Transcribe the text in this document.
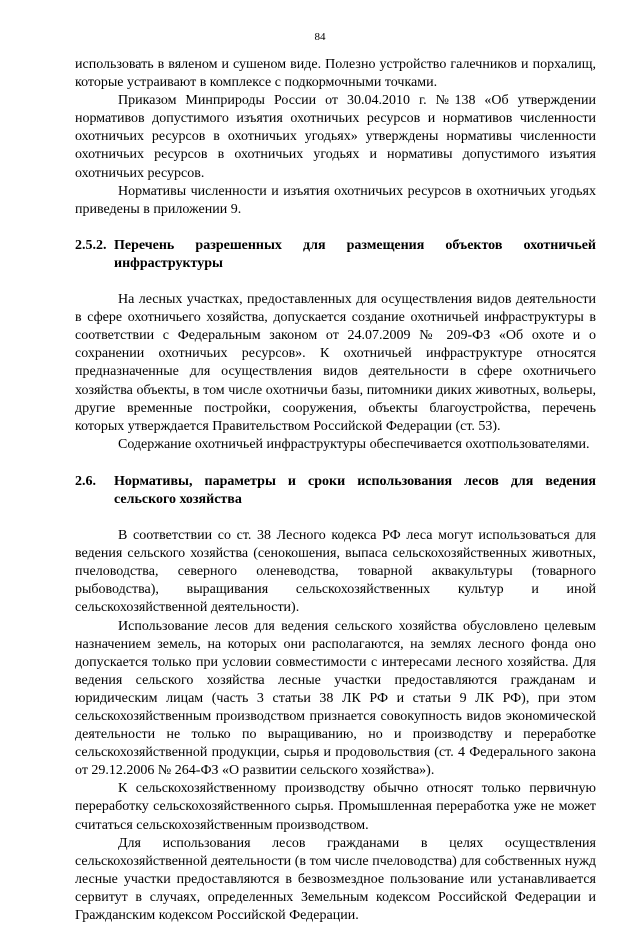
84

использовать в вяленом и сушеном виде. Полезно устройство галечников и порхалищ, которые устраивают в комплексе с подкормочными точками.

Приказом Минприроды России от 30.04.2010 г. №138 «Об утверждении нормативов допустимого изъятия охотничьих ресурсов и нормативов численности охотничьих ресурсов в охотничьих угодьях» утверждены нормативы численности охотничьих ресурсов в охотничьих угодьях и нормативы допустимого изъятия охотничьих ресурсов.

Нормативы численности и изъятия охотничьих ресурсов в охотничьих угодьях приведены в приложении 9.

2.5.2. Перечень разрешенных для размещения объектов охотничьей инфраструктуры

На лесных участках, предоставленных для осуществления видов деятельности в сфере охотничьего хозяйства, допускается создание охотничьей инфраструктуры в соответствии с Федеральным законом от 24.07.2009 № 209-ФЗ «Об охоте и о сохранении охотничьих ресурсов». К охотничьей инфраструктуре относятся предназначенные для осуществления видов деятельности в сфере охотничьего хозяйства объекты, в том числе охотничьи базы, питомники диких животных, вольеры, другие временные постройки, сооружения, объекты благоустройства, перечень которых утверждается Правительством Российской Федерации (ст. 53).

Содержание охотничьей инфраструктуры обеспечивается охотпользователями.

2.6. Нормативы, параметры и сроки использования лесов для ведения сельского хозяйства

В соответствии со ст. 38 Лесного кодекса РФ леса могут использоваться для ведения сельского хозяйства (сенокошения, выпаса сельскохозяйственных животных, пчеловодства, северного оленеводства, товарной аквакультуры (товарного рыбоводства), выращивания сельскохозяйственных культур и иной сельскохозяйственной деятельности).

Использование лесов для ведения сельского хозяйства обусловлено целевым назначением земель, на которых они располагаются, на землях лесного фонда оно допускается только при условии совместимости с интересами лесного хозяйства. Для ведения сельского хозяйства лесные участки предоставляются гражданам и юридическим лицам (часть 3 статьи 38 ЛК РФ и статьи 9 ЛК РФ), при этом сельскохозяйственным производством признается совокупность видов экономической деятельности не только по выращиванию, но и производству и переработке сельскохозяйственной продукции, сырья и продовольствия (ст. 4 Федерального закона от 29.12.2006 № 264-ФЗ «О развитии сельского хозяйства»).

К сельскохозяйственному производству обычно относят только первичную переработку сельскохозяйственного сырья. Промышленная переработка уже не может считаться сельскохозяйственным производством.

Для использования лесов гражданами в целях осуществления сельскохозяйственной деятельности (в том числе пчеловодства) для собственных нужд лесные участки предоставляются в безвозмездное пользование или устанавливается сервитут в случаях, определенных Земельным кодексом Российской Федерации и Гражданским кодексом Российской Федерации.
